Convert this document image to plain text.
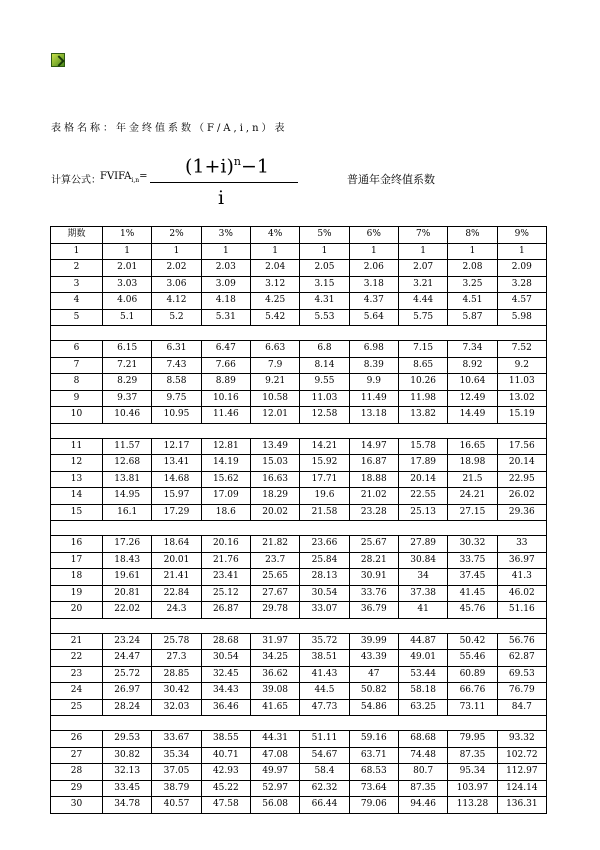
表格名称：年金终值系数（F/A,i,n）表
计算公式： $FVIFA_{i,n}= (1+i)^n-1$
i
普通年金终值系数
期数	1%	2%	3%	4%	5%	6%	7%	8%	9%
1	1	1	1	1	1	1	1	1	1
2	2.01	2.02	2.03	2.04	2.05	2.06	2.07	2.08	2.09
3	3.03	3.06	3.09	3.12	3.15	3.18	3.21	3.25	3.28
4	4.06	4.12	4.18	4.25	4.31	4.37	4.44	4.51	4.57
5	5.1	5.2	5.31	5.42	5.53	5.64	5.75	5.87	5.98

6	6.15	6.31	6.47	6.63	6.8	6.98	7.15	7.34	7.52
7	7.21	7.43	7.66	7.9	8.14	8.39	8.65	8.92	9.2
8	8.29	8.58	8.89	9.21	9.55	9.9	10.26	10.64	11.03
9	9.37	9.75	10.16	10.58	11.03	11.49	11.98	12.49	13.02
10	10.46	10.95	11.46	12.01	12.58	13.18	13.82	14.49	15.19

11	11.57	12.17	12.81	13.49	14.21	14.97	15.78	16.65	17.56
12	12.68	13.41	14.19	15.03	15.92	16.87	17.89	18.98	20.14
13	13.81	14.68	15.62	16.63	17.71	18.88	20.14	21.5	22.95
14	14.95	15.97	17.09	18.29	19.6	21.02	22.55	24.21	26.02
15	16.1	17.29	18.6	20.02	21.58	23.28	25.13	27.15	29.36

16	17.26	18.64	20.16	21.82	23.66	25.67	27.89	30.32	33
17	18.43	20.01	21.76	23.7	25.84	28.21	30.84	33.75	36.97
18	19.61	21.41	23.41	25.65	28.13	30.91	34	37.45	41.3
19	20.81	22.84	25.12	27.67	30.54	33.76	37.38	41.45	46.02
20	22.02	24.3	26.87	29.78	33.07	36.79	41	45.76	51.16

21	23.24	25.78	28.68	31.97	35.72	39.99	44.87	50.42	56.76
22	24.47	27.3	30.54	34.25	38.51	43.39	49.01	55.46	62.87
23	25.72	28.85	32.45	36.62	41.43	47	53.44	60.89	69.53
24	26.97	30.42	34.43	39.08	44.5	50.82	58.18	66.76	76.79
25	28.24	32.03	36.46	41.65	47.73	54.86	63.25	73.11	84.7

26	29.53	33.67	38.55	44.31	51.11	59.16	68.68	79.95	93.32
27	30.82	35.34	40.71	47.08	54.67	63.71	74.48	87.35	102.72
28	32.13	37.05	42.93	49.97	58.4	68.53	80.7	95.34	112.97
29	33.45	38.79	45.22	52.97	62.32	73.64	87.35	103.97	124.14
30	34.78	40.57	47.58	56.08	66.44	79.06	94.46	113.28	136.31
